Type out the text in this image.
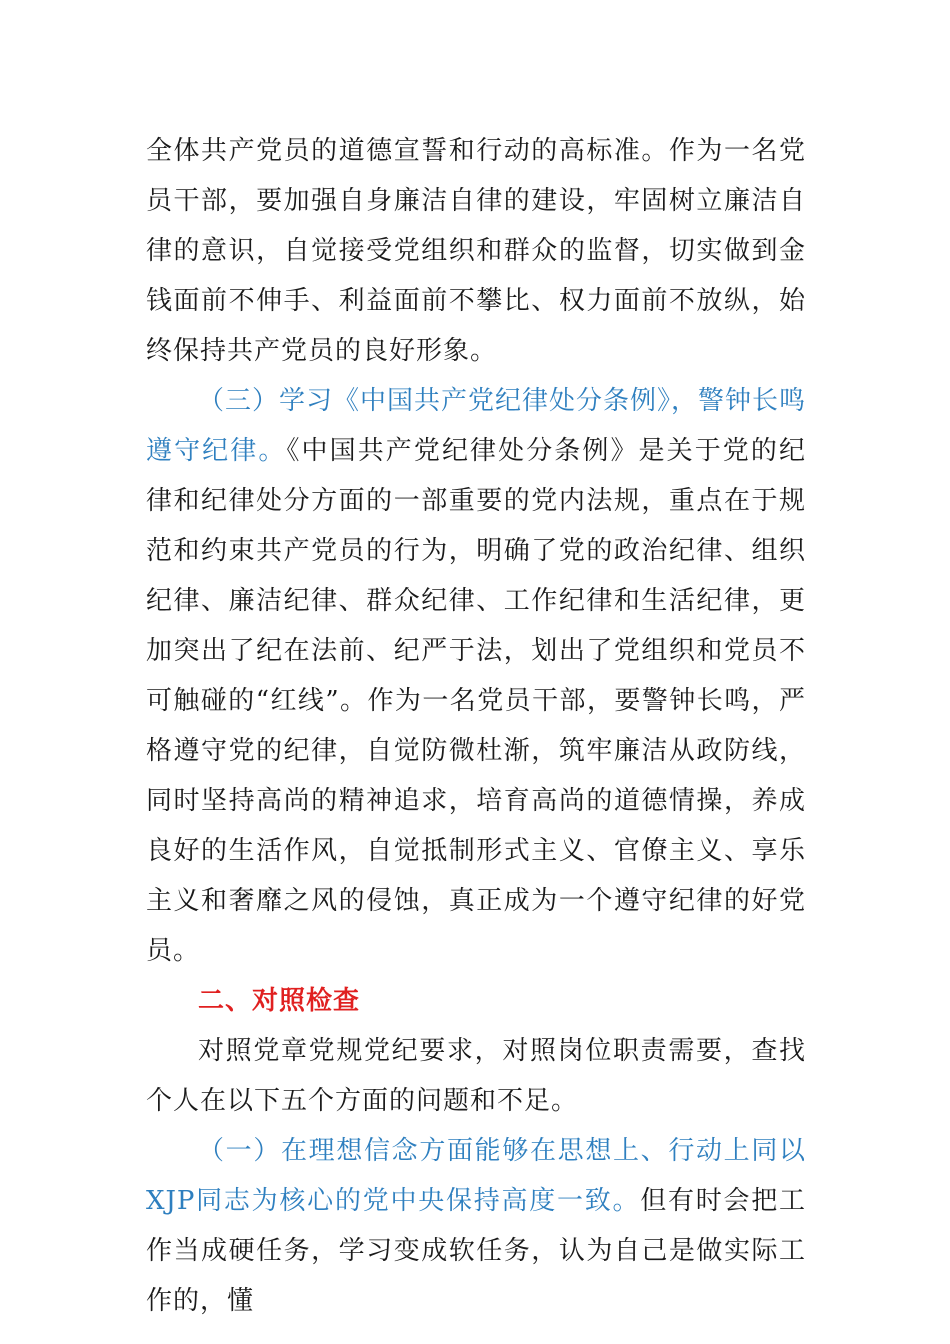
全体共产党员的道德宣誓和行动的高标准。作为一名党员干部，要加强自身廉洁自律的建设，牢固树立廉洁自律的意识，自觉接受党组织和群众的监督，切实做到金钱面前不伸手、利益面前不攀比、权力面前不放纵，始终保持共产党员的良好形象。

（三）学习《中国共产党纪律处分条例》，警钟长鸣遵守纪律。《中国共产党纪律处分条例》是关于党的纪律和纪律处分方面的一部重要的党内法规，重点在于规范和约束共产党员的行为，明确了党的政治纪律、组织纪律、廉洁纪律、群众纪律、工作纪律和生活纪律，更加突出了纪在法前、纪严于法，划出了党组织和党员不可触碰的“红线”。作为一名党员干部，要警钟长鸣，严格遵守党的纪律，自觉防微杜渐，筑牢廉洁从政防线，同时坚持高尚的精神追求，培育高尚的道德情操，养成良好的生活作风，自觉抵制形式主义、官僚主义、享乐主义和奢靡之风的侵蚀，真正成为一个遵守纪律的好党员。

二、对照检查

对照党章党规党纪要求，对照岗位职责需要，查找个人在以下五个方面的问题和不足。

（一）在理想信念方面能够在思想上、行动上同以XJP同志为核心的党中央保持高度一致。但有时会把工作当成硬任务，学习变成软任务，认为自己是做实际工作的，懂
